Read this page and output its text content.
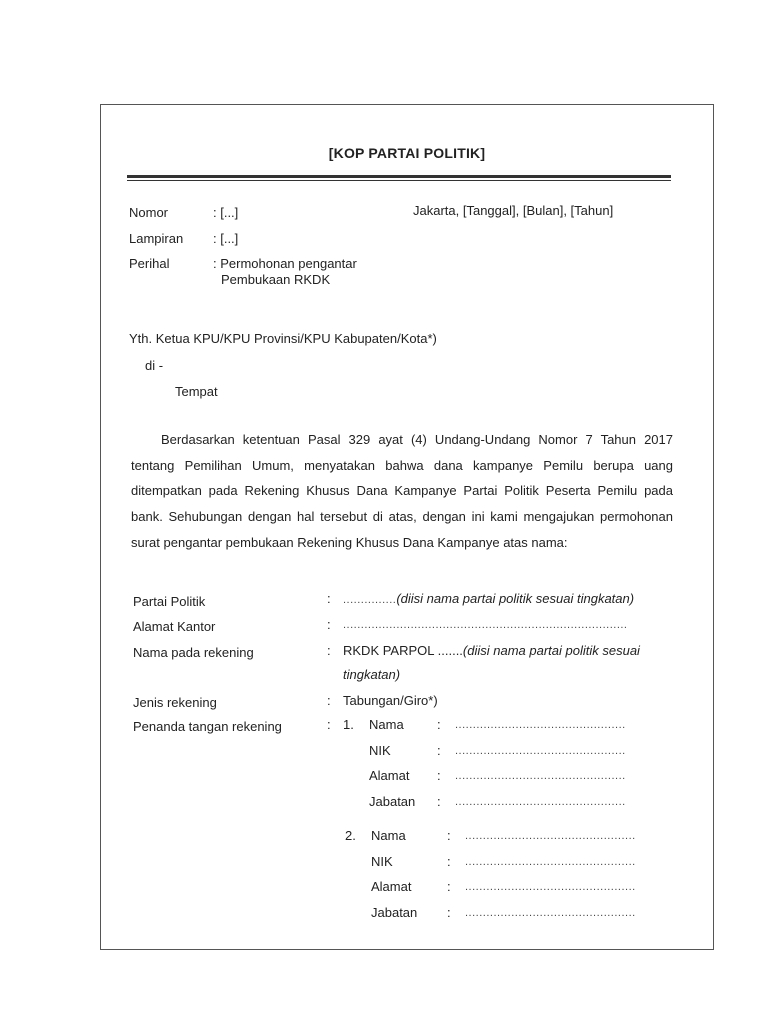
[KOP PARTAI POLITIK]
Nomor	: [...]	Jakarta, [Tanggal], [Bulan], [Tahun]
Lampiran : [...]
Perihal	: Permohonan pengantar
Pembukaan RKDK
Yth. Ketua KPU/KPU Provinsi/KPU Kabupaten/Kota*)
di -
Tempat
Berdasarkan ketentuan Pasal 329 ayat (4) Undang-Undang Nomor 7 Tahun 2017 tentang Pemilihan Umum, menyatakan bahwa dana kampanye Pemilu berupa uang ditempatkan pada Rekening Khusus Dana Kampanye Partai Politik Peserta Pemilu pada bank. Sehubungan dengan hal tersebut di atas, dengan ini kami mengajukan permohonan surat pengantar pembukaan Rekening Khusus Dana Kampanye atas nama:
Partai Politik	: ...............(diisi nama partai politik sesuai tingkatan)
Alamat Kantor	: ................................................................................
Nama pada rekening	: RKDK PARPOL .......(diisi nama partai politik sesuai
tingkatan)
Jenis rekening	: Tabungan/Giro*)
Penanda tangan rekening	: 1. Nama	: ................................................
NIK	: ................................................
Alamat : ................................................
Jabatan : ................................................
2. Nama	: ................................................
NIK	: ................................................
Alamat	: ................................................
Jabatan : ................................................
